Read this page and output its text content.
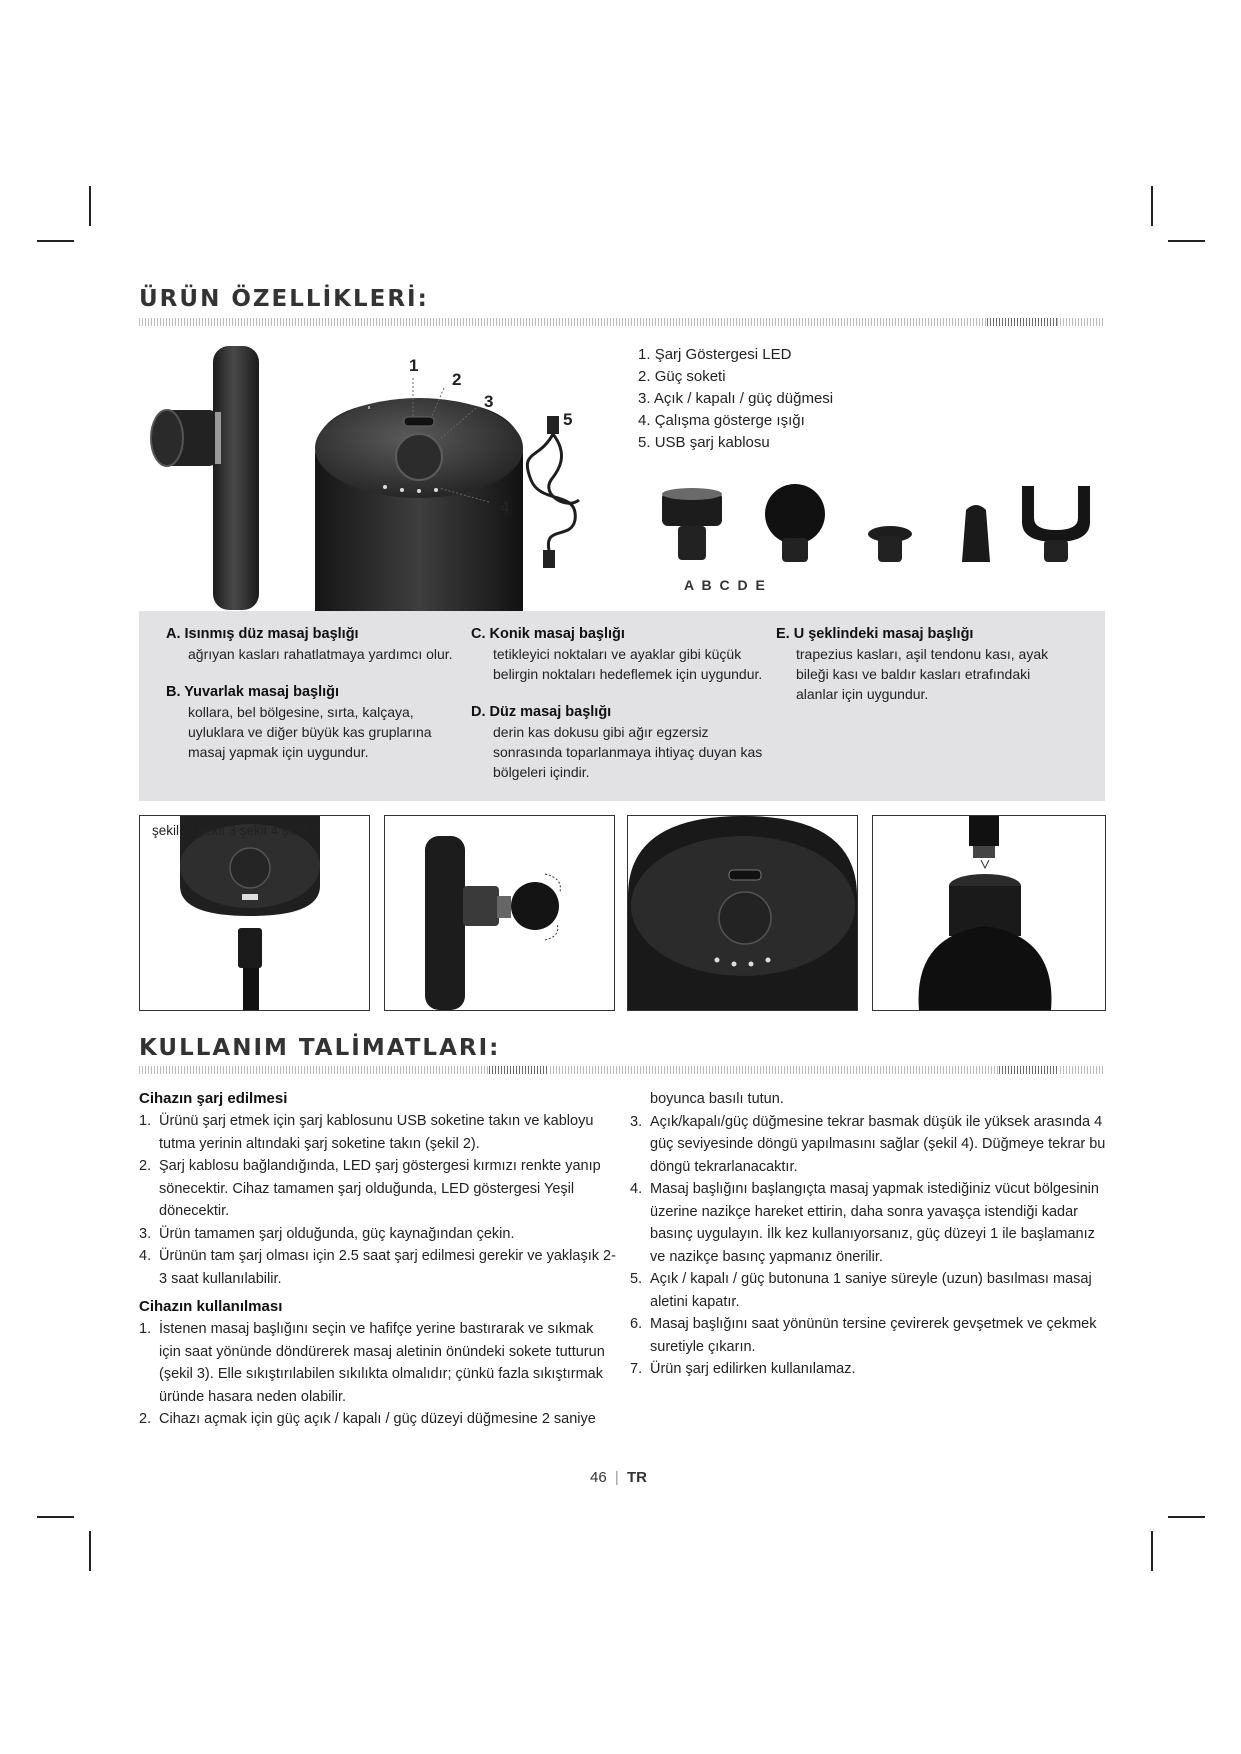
ÜRÜN ÖZELLİKLERİ:
1
2
3
4
5
1. Şarj Göstergesi LED
2. Güç soketi
3. Açık / kapalı / güç düğmesi
4. Çalışma gösterge ışığı
5. USB şarj kablosu
A B C D E
A. Isınmış düz masaj başlığı
ağrıyan kasları rahatlatmaya yardımcı olur.
B. Yuvarlak masaj başlığı
kollara, bel bölgesine, sırta, kalçaya, uyluklara ve diğer büyük kas gruplarına masaj yapmak için uygundur.
C. Konik masaj başlığı
tetikleyici noktaları ve ayaklar gibi küçük belirgin noktaları hedeflemek için uygundur.
D. Düz masaj başlığı
derin kas dokusu gibi ağır egzersiz sonrasında toparlanmaya ihtiyaç duyan kas bölgeleri içindir.
E. U şeklindeki masaj başlığı
trapezius kasları, aşil tendonu kası, ayak bileği kası ve baldır kasları etrafındaki alanlar için uygundur.
şekil .2 şekil 3 şekil 4 şekil 5
KULLANIM TALİMATLARI:
Cihazın şarj edilmesi
1. Ürünü şarj etmek için şarj kablosunu USB soketine takın ve kabloyu tutma yerinin altındaki şarj soketine takın (şekil 2).
2. Şarj kablosu bağlandığında, LED şarj göstergesi kırmızı renkte yanıp sönecektir. Cihaz tamamen şarj olduğunda, LED göstergesi Yeşil dönecektir.
3. Ürün tamamen şarj olduğunda, güç kaynağından çekin.
4. Ürünün tam şarj olması için 2.5 saat şarj edilmesi gerekir ve yaklaşık 2-3 saat kullanılabilir.
Cihazın kullanılması
1. İstenen masaj başlığını seçin ve hafifçe yerine bastırarak ve sıkmak için saat yönünde döndürerek masaj aletinin önündeki sokete tutturun (şekil 3). Elle sıkıştırılabilen sıkılıkta olmalıdır; çünkü fazla sıkıştırmak üründe hasara neden olabilir.
2. Cihazı açmak için güç açık / kapalı / güç düzeyi düğmesine 2 saniye
boyunca basılı tutun.
3. Açık/kapalı/güç düğmesine tekrar basmak düşük ile yüksek arasında 4 güç seviyesinde döngü yapılmasını sağlar (şekil 4). Düğmeye tekrar bu döngü tekrarlanacaktır.
4. Masaj başlığını başlangıçta masaj yapmak istediğiniz vücut bölgesinin üzerine nazikçe hareket ettirin, daha sonra yavaşça istendiği kadar basınç uygulayın. İlk kez kullanıyorsanız, güç düzeyi 1 ile başlamanız ve nazikçe basınç yapmanız önerilir.
5. Açık / kapalı / güç butonuna 1 saniye süreyle (uzun) basılması masaj aletini kapatır.
6. Masaj başlığını saat yönünün tersine çevirerek gevşetmek ve çekmek suretiyle çıkarın.
7. Ürün şarj edilirken kullanılamaz.
46 | TR
